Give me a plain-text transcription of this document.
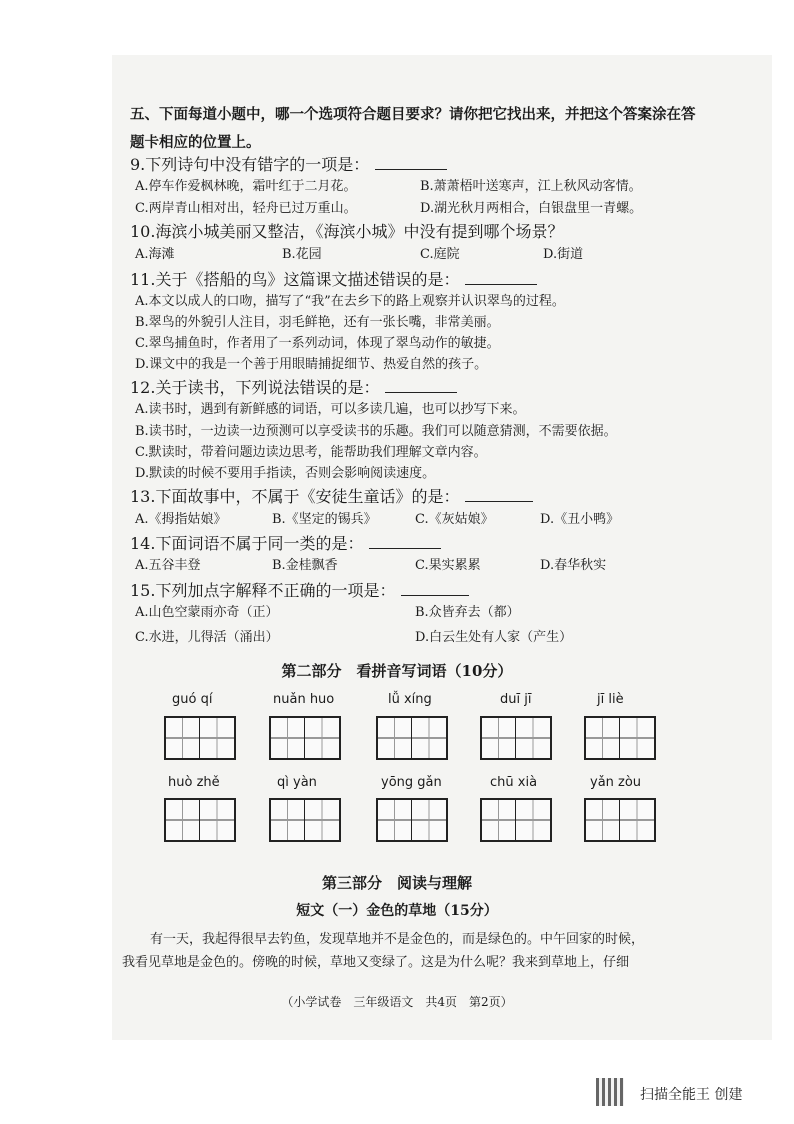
五、下面每道小题中，哪一个选项符合题目要求？请你把它找出来，并把这个答案涂在答
题卡相应的位置上。
9.下列诗句中没有错字的一项是：
A.停车作爱枫林晚，霜叶红于二月花。	B.萧萧梧叶送寒声，江上秋风动客情。
C.两岸青山相对出，轻舟已过万重山。	D.湖光秋月两相合，白银盘里一青螺。
10.海滨小城美丽又整洁，《海滨小城》中没有提到哪个场景？
A.海滩	B.花园	C.庭院	D.街道
11.关于《搭船的鸟》这篇课文描述错误的是：
A.本文以成人的口吻，描写了“我”在去乡下的路上观察并认识翠鸟的过程。
B.翠鸟的外貌引人注目，羽毛鲜艳，还有一张长嘴，非常美丽。
C.翠鸟捕鱼时，作者用了一系列动词，体现了翠鸟动作的敏捷。
D.课文中的我是一个善于用眼睛捕捉细节、热爱自然的孩子。
12.关于读书，下列说法错误的是：
A.读书时，遇到有新鲜感的词语，可以多读几遍，也可以抄写下来。
B.读书时，一边读一边预测可以享受读书的乐趣。我们可以随意猜测，不需要依据。
C.默读时，带着问题边读边思考，能帮助我们理解文章内容。
D.默读的时候不要用手指读，否则会影响阅读速度。
13.下面故事中，不属于《安徒生童话》的是：
A.《拇指姑娘》	B.《坚定的锡兵》	C.《灰姑娘》	D.《丑小鸭》
14.下面词语不属于同一类的是：
A.五谷丰登	B.金桂飘香	C.果实累累	D.春华秋实
15.下列加点字解释不正确的一项是：
A.山色空蒙雨亦奇（正）	B.众皆弃去（都）
C.水进，儿得活（涌出）	D.白云生处有人家（产生）
第二部分　看拼音写词语（10分）
guó qí	nuǎn huo	lǚ xíng	duī jī	jī liè
huò zhě	qì yàn	yōng gǎn	chū xià	yǎn zòu
第三部分　阅读与理解
短文（一）金色的草地（15分）
有一天，我起得很早去钓鱼，发现草地并不是金色的，而是绿色的。中午回家的时候，
我看见草地是金色的。傍晚的时候，草地又变绿了。这是为什么呢？我来到草地上，仔细
（小学试卷　三年级语文　共4页　第2页）
扫描全能王 创建
